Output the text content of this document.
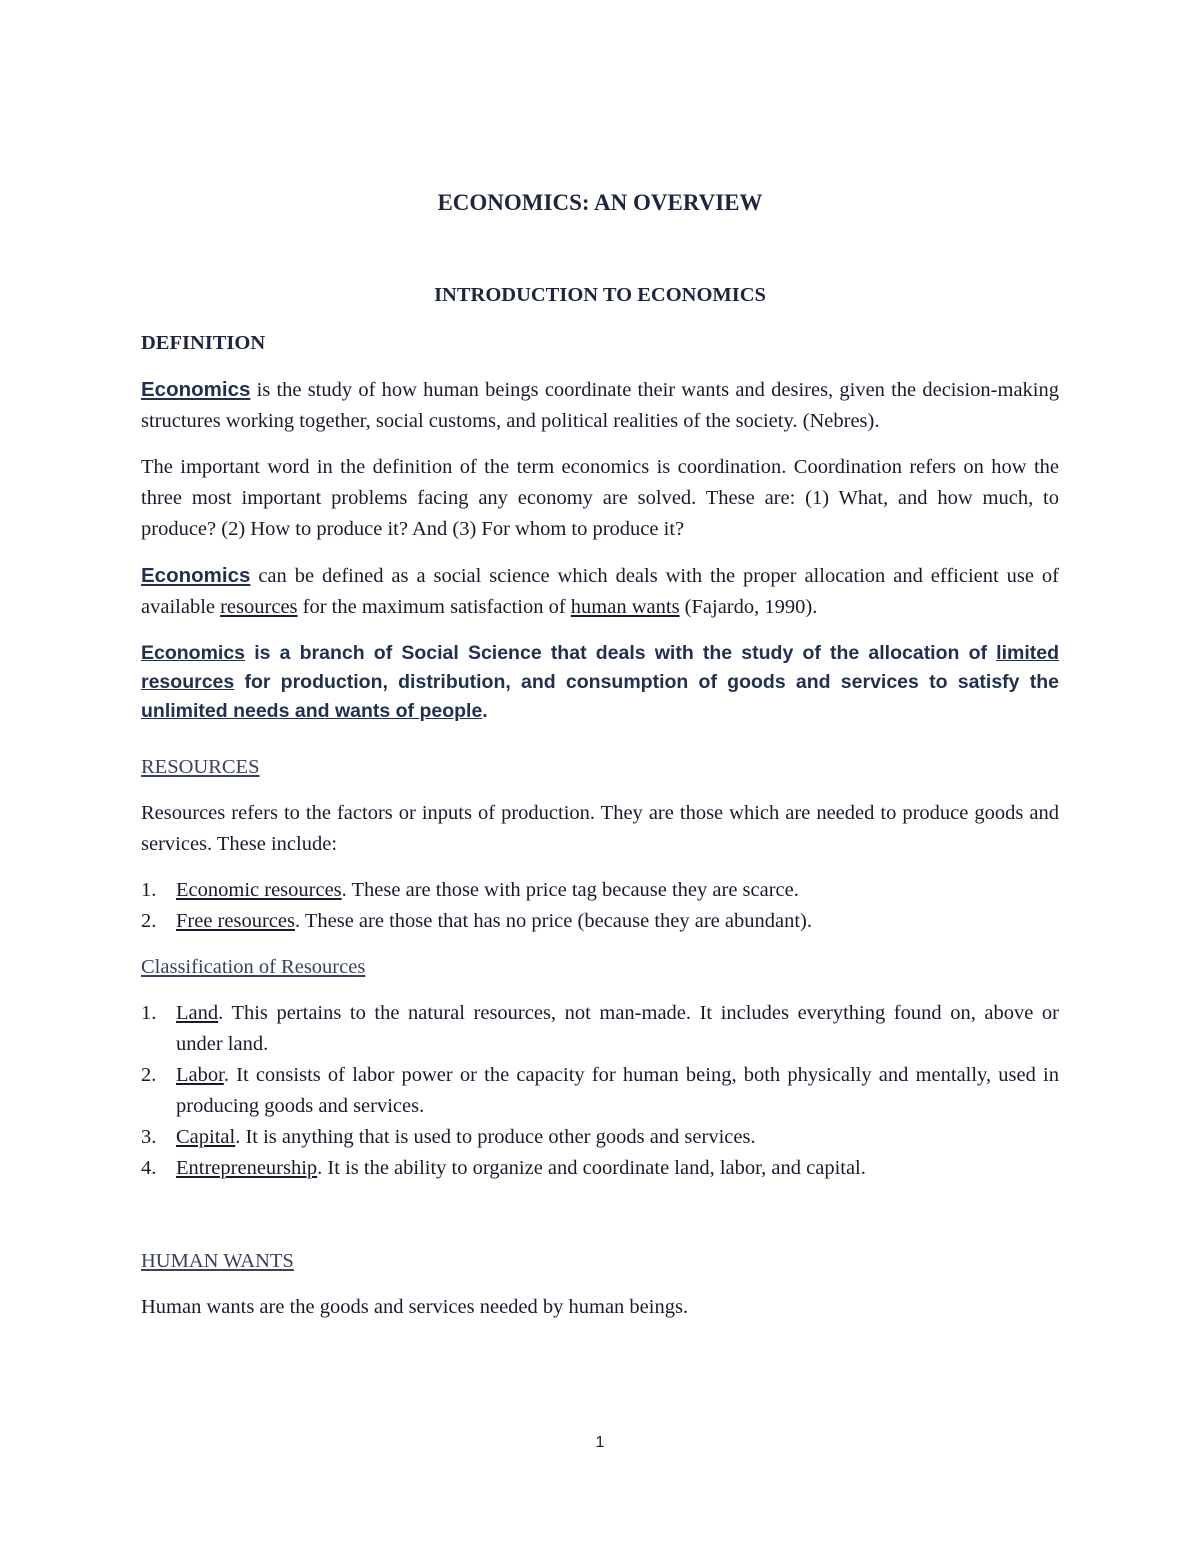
ECONOMICS: AN OVERVIEW
INTRODUCTION TO ECONOMICS
DEFINITION

Economics is the study of how human beings coordinate their wants and desires, given the decision-making structures working together, social customs, and political realities of the society. (Nebres).

The important word in the definition of the term economics is coordination. Coordination refers on how the three most important problems facing any economy are solved. These are: (1) What, and how much, to produce? (2) How to produce it? And (3) For whom to produce it?

Economics can be defined as a social science which deals with the proper allocation and efficient use of available resources for the maximum satisfaction of human wants (Fajardo, 1990).

Economics is a branch of Social Science that deals with the study of the allocation of limited resources for production, distribution, and consumption of goods and services to satisfy the unlimited needs and wants of people.

RESOURCES

Resources refers to the factors or inputs of production. They are those which are needed to produce goods and services. These include:

1. Economic resources. These are those with price tag because they are scarce.
2. Free resources. These are those that has no price (because they are abundant).
Classification of Resources
1. Land. This pertains to the natural resources, not man-made. It includes everything found on, above or under land.
2. Labor. It consists of labor power or the capacity for human being, both physically and mentally, used in producing goods and services.
3. Capital. It is anything that is used to produce other goods and services.
4. Entrepreneurship. It is the ability to organize and coordinate land, labor, and capital.
HUMAN WANTS

Human wants are the goods and services needed by human beings.

1
